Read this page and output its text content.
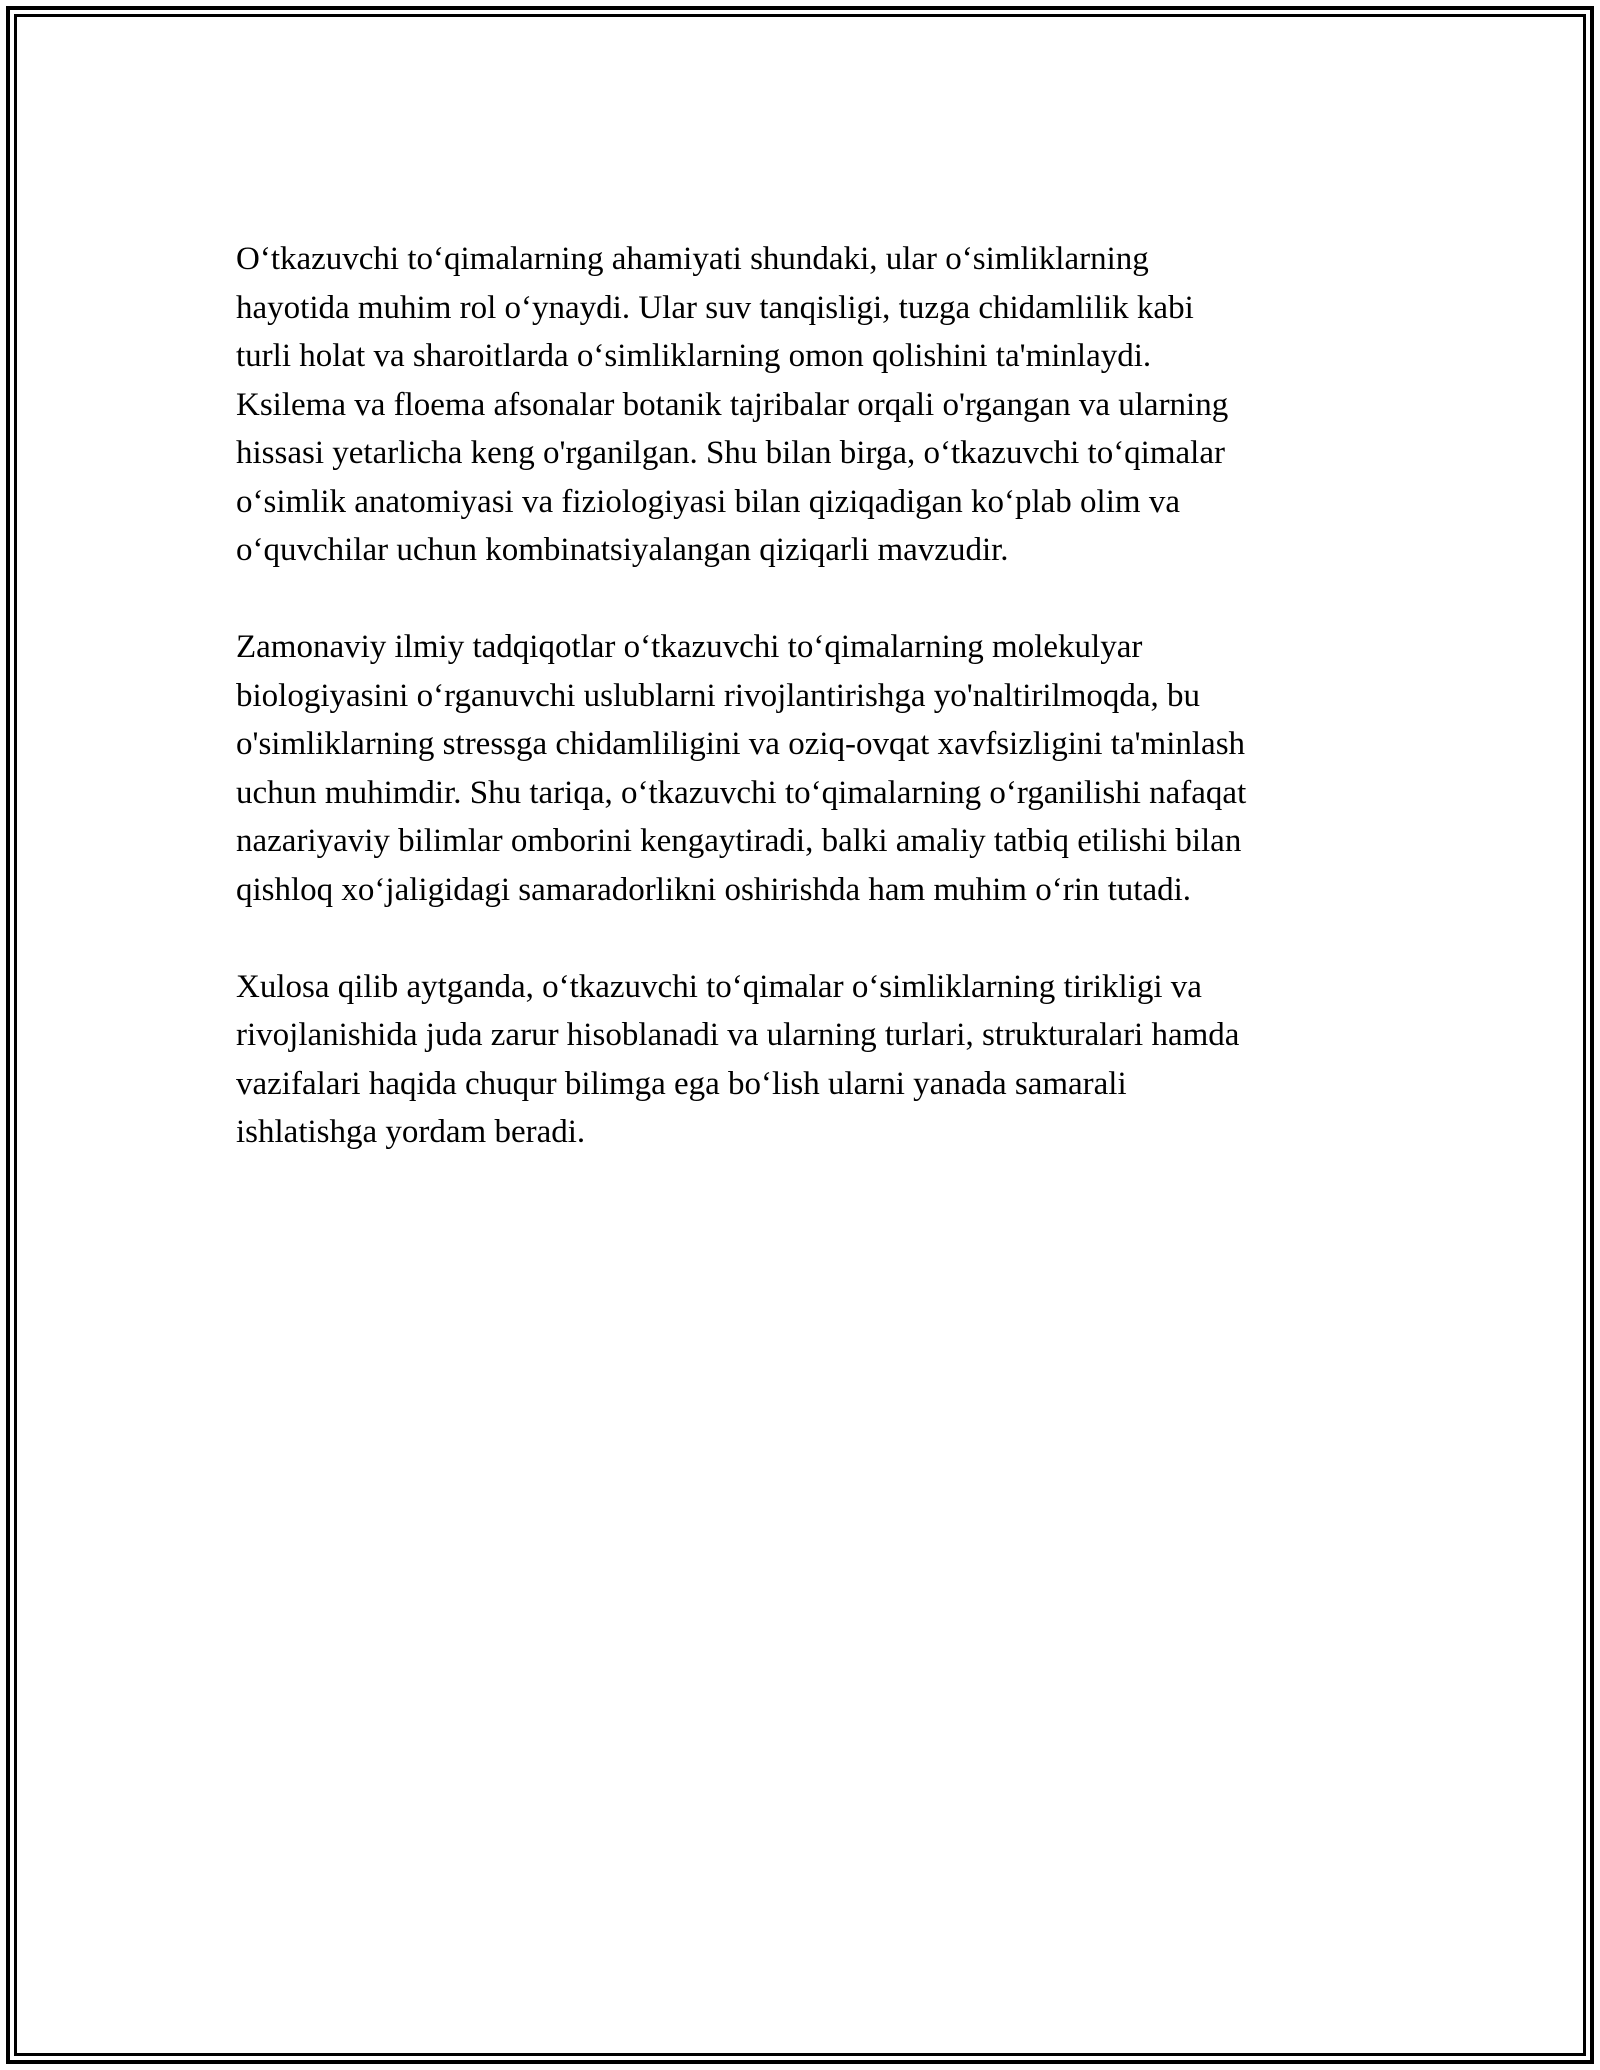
O‘tkazuvchi to‘qimalarning ahamiyati shundaki, ular o‘simliklarning
hayotida muhim rol o‘ynaydi. Ular suv tanqisligi, tuzga chidamlilik kabi
turli holat va sharoitlarda o‘simliklarning omon qolishini ta'minlaydi.
Ksilema va floema afsonalar botanik tajribalar orqali o'rgangan va ularning
hissasi yetarlicha keng o'rganilgan. Shu bilan birga, o‘tkazuvchi to‘qimalar
o‘simlik anatomiyasi va fiziologiyasi bilan qiziqadigan ko‘plab olim va
o‘quvchilar uchun kombinatsiyalangan qiziqarli mavzudir.

Zamonaviy ilmiy tadqiqotlar o‘tkazuvchi to‘qimalarning molekulyar
biologiyasini o‘rganuvchi uslublarni rivojlantirishga yo'naltirilmoqda, bu
o'simliklarning stressga chidamliligini va oziq-ovqat xavfsizligini ta'minlash
uchun muhimdir. Shu tariqa, o‘tkazuvchi to‘qimalarning o‘rganilishi nafaqat
nazariyaviy bilimlar omborini kengaytiradi, balki amaliy tatbiq etilishi bilan
qishloq xo‘jaligidagi samaradorlikni oshirishda ham muhim o‘rin tutadi.

Xulosa qilib aytganda, o‘tkazuvchi to‘qimalar o‘simliklarning tirikligi va
rivojlanishida juda zarur hisoblanadi va ularning turlari, strukturalari hamda
vazifalari haqida chuqur bilimga ega bo‘lish ularni yanada samarali
ishlatishga yordam beradi.
